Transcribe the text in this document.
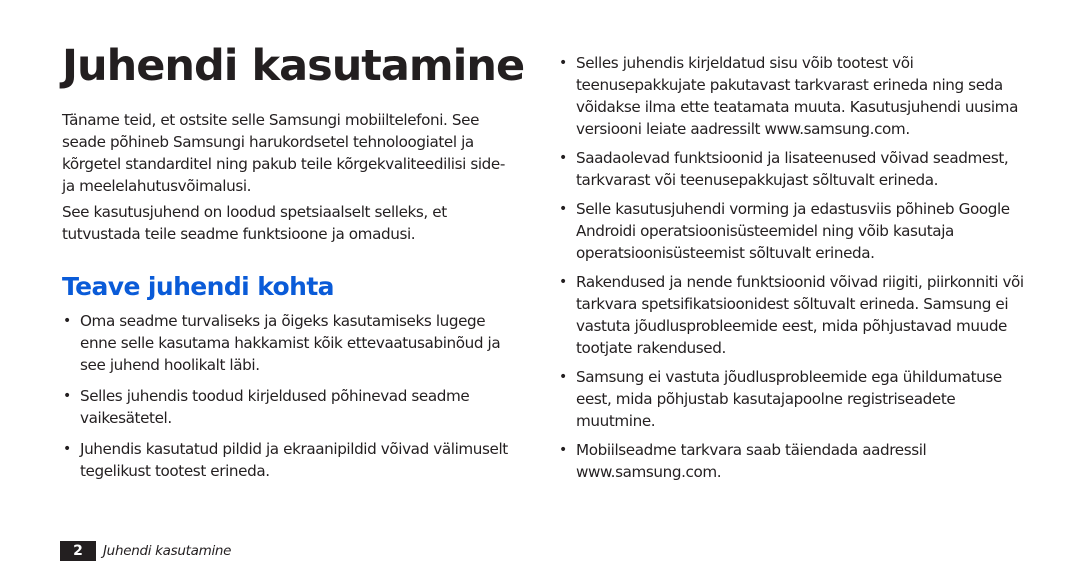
Juhendi kasutamine

Täname teid, et ostsite selle Samsungi mobiiltelefoni. See seade põhineb Samsungi harukordsetel tehnoloogiatel ja kõrgetel standarditel ning pakub teile kõrgekvaliteedilisi side- ja meelelahutusvõimalusi.

See kasutusjuhend on loodud spetsiaalselt selleks, et tutvustada teile seadme funktsioone ja omadusi.

Teave juhendi kohta
• Oma seadme turvaliseks ja õigeks kasutamiseks lugege enne selle kasutama hakkamist kõik ettevaatusabinõud ja see juhend hoolikalt läbi.
• Selles juhendis toodud kirjeldused põhinevad seadme vaikesätetel.
• Juhendis kasutatud pildid ja ekraanipildid võivad välimuselt tegelikust tootest erineda.
• Selles juhendis kirjeldatud sisu võib tootest või teenusepakkujate pakutavast tarkvarast erineda ning seda võidakse ilma ette teatamata muuta. Kasutusjuhendi uusima versiooni leiate aadressilt www.samsung.com.
• Saadaolevad funktsioonid ja lisateenused võivad seadmest, tarkvarast või teenusepakkujast sõltuvalt erineda.
• Selle kasutusjuhendi vorming ja edastusviis põhineb Google Androidi operatsioonisüsteemidel ning võib kasutaja operatsioonisüsteemist sõltuvalt erineda.
• Rakendused ja nende funktsioonid võivad riigiti, piirkonniti või tarkvara spetsifikatsioonidest sõltuvalt erineda. Samsung ei vastuta jõudlusprobleemide eest, mida põhjustavad muude tootjate rakendused.
• Samsung ei vastuta jõudlusprobleemide ega ühildumatuse eest, mida põhjustab kasutajapoolne registriseadete muutmine.
• Mobiilseadme tarkvara saab täiendada aadressil www.samsung.com.
2	Juhendi kasutamine
